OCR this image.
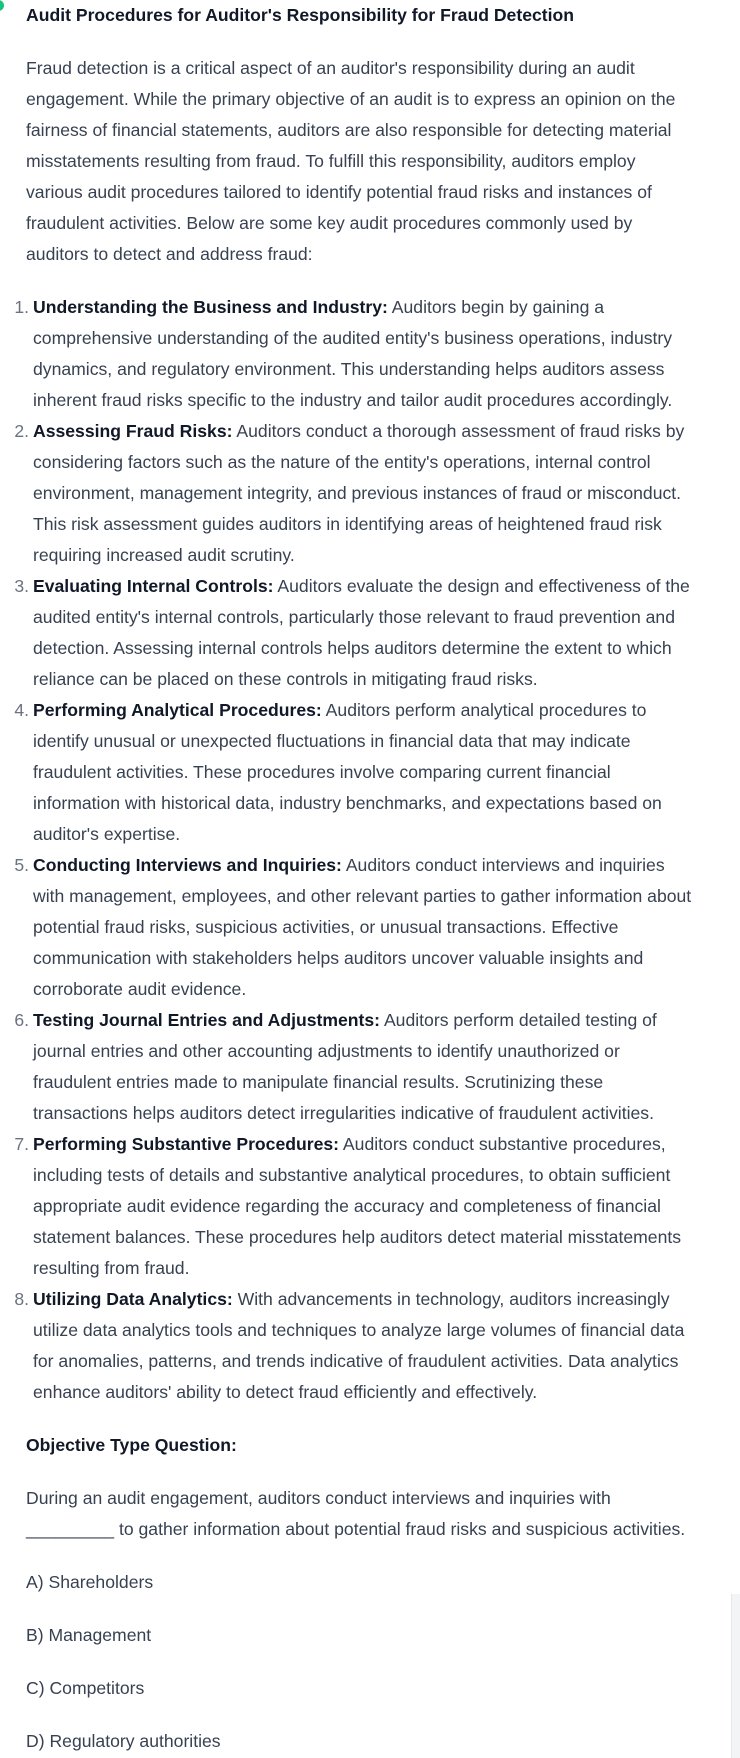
Audit Procedures for Auditor's Responsibility for Fraud Detection

Fraud detection is a critical aspect of an auditor's responsibility during an audit engagement. While the primary objective of an audit is to express an opinion on the fairness of financial statements, auditors are also responsible for detecting material misstatements resulting from fraud. To fulfill this responsibility, auditors employ various audit procedures tailored to identify potential fraud risks and instances of fraudulent activities. Below are some key audit procedures commonly used by auditors to detect and address fraud:

1. Understanding the Business and Industry: Auditors begin by gaining a comprehensive understanding of the audited entity's business operations, industry dynamics, and regulatory environment. This understanding helps auditors assess inherent fraud risks specific to the industry and tailor audit procedures accordingly.
2. Assessing Fraud Risks: Auditors conduct a thorough assessment of fraud risks by considering factors such as the nature of the entity's operations, internal control environment, management integrity, and previous instances of fraud or misconduct. This risk assessment guides auditors in identifying areas of heightened fraud risk requiring increased audit scrutiny.
3. Evaluating Internal Controls: Auditors evaluate the design and effectiveness of the audited entity's internal controls, particularly those relevant to fraud prevention and detection. Assessing internal controls helps auditors determine the extent to which reliance can be placed on these controls in mitigating fraud risks.
4. Performing Analytical Procedures: Auditors perform analytical procedures to identify unusual or unexpected fluctuations in financial data that may indicate fraudulent activities. These procedures involve comparing current financial information with historical data, industry benchmarks, and expectations based on auditor's expertise.
5. Conducting Interviews and Inquiries: Auditors conduct interviews and inquiries with management, employees, and other relevant parties to gather information about potential fraud risks, suspicious activities, or unusual transactions. Effective communication with stakeholders helps auditors uncover valuable insights and corroborate audit evidence.
6. Testing Journal Entries and Adjustments: Auditors perform detailed testing of journal entries and other accounting adjustments to identify unauthorized or fraudulent entries made to manipulate financial results. Scrutinizing these transactions helps auditors detect irregularities indicative of fraudulent activities.
7. Performing Substantive Procedures: Auditors conduct substantive procedures, including tests of details and substantive analytical procedures, to obtain sufficient appropriate audit evidence regarding the accuracy and completeness of financial statement balances. These procedures help auditors detect material misstatements resulting from fraud.
8. Utilizing Data Analytics: With advancements in technology, auditors increasingly utilize data analytics tools and techniques to analyze large volumes of financial data for anomalies, patterns, and trends indicative of fraudulent activities. Data analytics enhance auditors' ability to detect fraud efficiently and effectively.

Objective Type Question:

During an audit engagement, auditors conduct interviews and inquiries with _________ to gather information about potential fraud risks and suspicious activities.

A) Shareholders

B) Management

C) Competitors

D) Regulatory authorities
